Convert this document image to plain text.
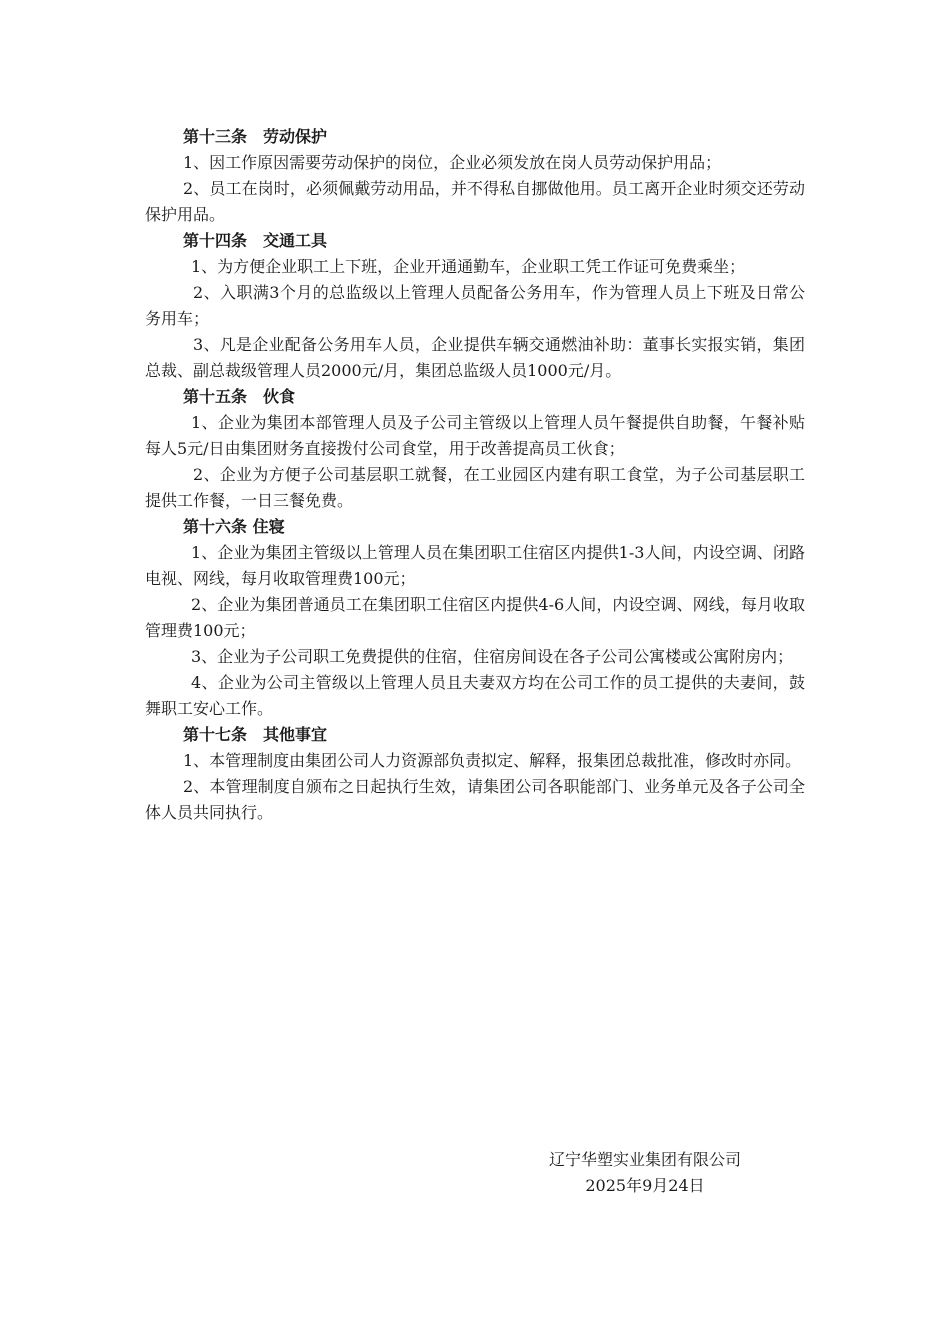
第十三条　劳动保护
1、因工作原因需要劳动保护的岗位，企业必须发放在岗人员劳动保护用品；
2、员工在岗时，必须佩戴劳动用品，并不得私自挪做他用。员工离开企业时须交还劳动保护用品。
第十四条　交通工具
1、为方便企业职工上下班，企业开通通勤车，企业职工凭工作证可免费乘坐；
2、入职满3个月的总监级以上管理人员配备公务用车，作为管理人员上下班及日常公务用车；
3、凡是企业配备公务用车人员，企业提供车辆交通燃油补助：董事长实报实销，集团总裁、副总裁级管理人员2000元/月，集团总监级人员1000元/月。
第十五条　伙食
1、企业为集团本部管理人员及子公司主管级以上管理人员午餐提供自助餐，午餐补贴每人5元/日由集团财务直接拨付公司食堂，用于改善提高员工伙食；
2、企业为方便子公司基层职工就餐，在工业园区内建有职工食堂，为子公司基层职工提供工作餐，一日三餐免费。
第十六条 住寝
1、企业为集团主管级以上管理人员在集团职工住宿区内提供1-3人间，内设空调、闭路电视、网线，每月收取管理费100元；
2、企业为集团普通员工在集团职工住宿区内提供4-6人间，内设空调、网线，每月收取管理费100元；
3、企业为子公司职工免费提供的住宿，住宿房间设在各子公司公寓楼或公寓附房内；
4、企业为公司主管级以上管理人员且夫妻双方均在公司工作的员工提供的夫妻间，鼓舞职工安心工作。
第十七条　其他事宜
1、本管理制度由集团公司人力资源部负责拟定、解释，报集团总裁批准，修改时亦同。
2、本管理制度自颁布之日起执行生效，请集团公司各职能部门、业务单元及各子公司全体人员共同执行。
辽宁华塑实业集团有限公司
2025年9月24日
